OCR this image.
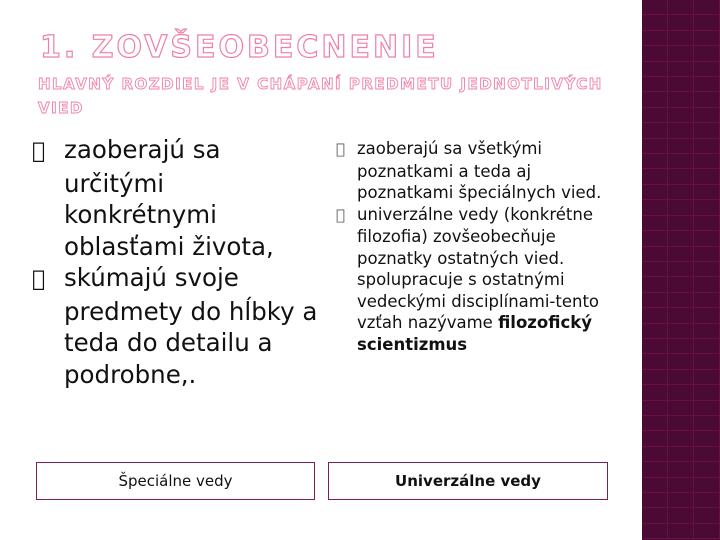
1. ZOVŠEOBECNENIE
HLAVNÝ ROZDIEL JE V CHÁPANÍ PREDMETU JEDNOTLIVÝCH VIED
zaoberajú sa určitými konkrétnymi oblasťami života,
skúmajú svoje predmety do hĺbky a teda do detailu a podrobne,.
zaoberajú sa všetkými poznatkami a teda aj poznatkami špeciálnych vied.
univerzálne vedy (konkrétne filozofia) zovšeobecňuje poznatky ostatných vied. spolupracuje s ostatnými vedeckými disciplínami-tento vzťah nazývame filozofický scientizmus
Špeciálne vedy	Univerzálne vedy
